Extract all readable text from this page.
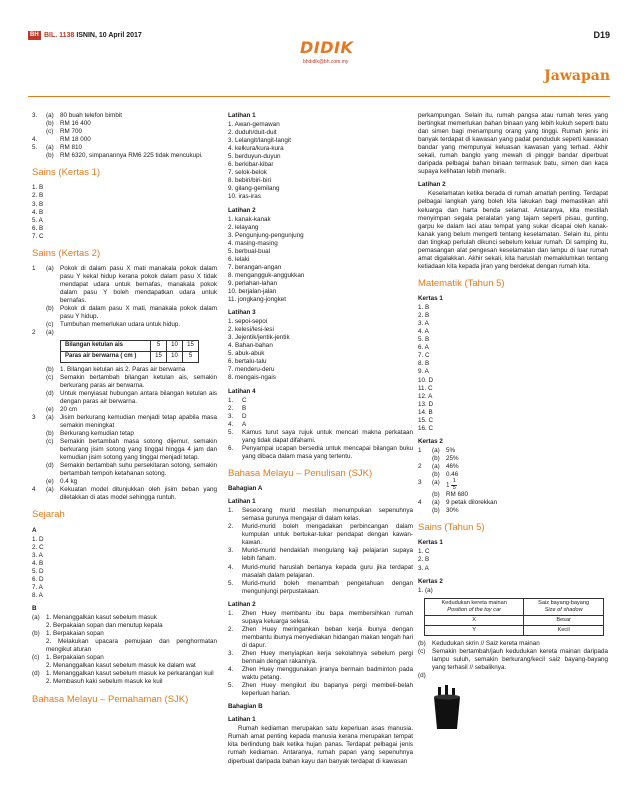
BH BIL. 1138 ISNIN, 10 April 2017	D19
DIDIK
bhdidik@bh.com.my
Jawapan
3.	(a) 80 buah telefon bimbit
(b) RM 16 400
(c)	RM 700
4.	RM 18 000
5.	(a) RM 810
(b) RM 6320, simpanannya RM6 225 tidak mencukupi.
Sains (Kertas 1)
1. B
2. B
3. B
4. B
5. A
6. B
7. C
Sains (Kertas 2)
1	(a) Pokok di dalam pasu X mati manakala pokok dalam pasu Y kekal hidup kerana pokok dalam pasu X tidak mendapat udara untuk bernafas, manakala pokok dalam pasu Y boleh mendapatkan udara untuk bernafas.
(b) Pokok di dalam pasu X mati, manakala pokok dalam pasu Y hidup.
(c)	Tumbuhan memerlukan udara untuk hidup.
2	(a)
Bilangan ketulan ais	5	10	15
Paras air berwarna ( cm )	15	10	5
(b) 1. Bilangan ketulan ais 2. Paras air berwarna
(c)	Semakin bertambah bilangan ketulan ais, semakin berkurang paras air berwarna.
(d) Untuk menyiasat hubungan antara bilangan ketulan ais dengan paras air berwarna.
(e) 20 cm
3	(a) Jisim berkurang kemudian menjadi tetap apabila masa semakin meningkat
(b) Berkurang kemudian tetap
(c)	Semakin bertambah masa sotong dijemur, semakin berkurang jisim sotong yang tinggal hingga 4 jam dan kemudian jisim sotong yang tinggal menjadi tetap.
(d) Semakin bertambah suhu persekitaran sotong, semakin bertambah tempoh ketahanan sotong.
(e) 0.4 kg
4	(a) Kekuatan model ditunjukkan oleh jisim beban yang diletakkan di atas model sehingga runtuh.
Sejarah
A
1. D
2. C
3. A
4. B
5. D
6. D
7. A
8. A
B
(a) 1. Menanggalkan kasut sebelum masuk
2. Berpakaian sopan dan menutup kepala
(b) 1. Berpakaian sopan
2. Melakukan upacara pemujaan dan penghormatan mengikut aturan
(c)	1. Berpakaian sopan
2. Menanggalkan kasut sebelum masuk ke dalam wat
(d) 1. Menanggalkan kasut sebelum masuk ke perkarangan kuil
2. Membasuh kaki sebelum masuk ke kuil
Bahasa Melayu – Pemahaman (SJK)
Latihan 1
1. Awan-gemawan
2. duduh/duit-duit
3. Lelangit/langit-langit
4. kelkura/kura-kura
5. berduyun-duyun
6. berkibar-kibar
7. selok-belok
8. bebiri/biri-biri
9. gilang-gemilang
10. iras-iras
Latihan 2
1. kanak-kanak
2. lelayang
3. Pengunjung-pengunjung
4. masing-masing
5. berbual-bual
6. lelaki
7. berangan-angan
8. mengangguk-anggukkan
9. perlahan-lahan
10. berjalan-jalan
11. jongkang-jongket
Latihan 3
1. sepoi-sepoi
2. kelesi/lesi-lesi
3. Jejentik/jentik-jentik
4. Bahan-bahan
5. abuk-abuk
6. bertalu-talu
7. menderu-deru
8. mengais-ngais
Latihan 4
1.	C
2.	B
3.	D
4.	A
5.	Kamus turut saya rujuk untuk mencari makna perkataan yang tidak dapat difahami.
6.	Penyampai ucapan bersedia untuk mencapai bilangan buku yang dibaca dalam masa yang tertentu.
Bahasa Melayu – Penulisan (SJK)
Bahagian A
Latihan 1
1.	Seseorang murid mestilah menumpukan sepenuhnya semasa gurunya mengajar di dalam kelas.
2.	Murid-murid boleh mengadakan perbincangan dalam kumpulan untuk bertukar-tukar pendapat dengan kawan-kawan.
3.	Murid-murid hendaklah mengulang kaji pelajaran supaya lebih faham.
4.	Murid-murid haruslah bertanya kepada guru jika terdapat masalah dalam pelajaran.
5.	Murid-murid boleh menambah pengetahuan dengan mengunjungi perpustakaan.
Latihan 2
1.	Zhen Huey membantu ibu bapa membersihkan rumah supaya keluarga selesa.
2.	Zhen Huey meringankan beban kerja ibunya dengan membantu ibunya menyediakan hidangan makan tengah hari di dapur.
3.	Zhen Huey menyiapkan kerja sekolahnya sebelum pergi bermain dengan rakannya.
4.	Zhen Huey menggunakan jiranya bermain badminton pada waktu petang.
5.	Zhen Huey mengikut ibu bapanya pergi membeli-belah keperluan harian.
Bahagian B
Latihan 1
Rumah kediaman merupakan satu keperluan asas manusia. Rumah amat penting kepada manusia kerana merupakan tempat kita berlindung baik ketika hujan panas. Terdapat pelbagai jenis rumah kediaman. Antaranya, rumah papan yang sepenuhnya diperbuat daripada bahan kayu dan banyak terdapat di kawasan
perkampungan. Selain itu, rumah pangsa atau rumah teres yang bertingkat memerlukan bahan binaan yang lebih kukuh seperti batu dan simen bagi menampung orang yang tinggi. Rumah jenis ini banyak terdapat di kawasan yang padat penduduk seperti kawasan bandar yang mempunyai keluasan kawasan yang terhad. Akhir sekali, rumah banglo yang mewah di pinggir bandar diperbuat daripada pelbagai bahan binaan termasuk batu, simen dan kaca supaya kelihatan lebih menarik.
Latihan 2
Keselamatan ketika berada di rumah amatlah penting. Terdapat pelbagai langkah yang boleh kita lakukan bagi memastikan ahli keluarga dan harta benda selamat. Antaranya, kita mestilah menyimpan segala peralatan yang tajam seperti pisau, gunting, garpu ke dalam laci atau tempat yang sukar dicapai oleh kanak-kanak yang belum mengerti tentang keselamatan. Selain itu, pintu dan tingkap perlulah dikunci sebelum keluar rumah. Di samping itu, pemasangan alat pengesan keselamatan dan lampu di luar rumah amat digalakkan. Akhir sekali, kita haruslah memaklumkan tentang ketiadaan kita kepada jiran yang berdekat dengan rumah kita.
Matematik (Tahun 5)
Kertas 1
1. B
2. B
3. A
4. A
5. B
6. A
7. C
8. B
9. A
10. D
11. C
12. A
13. D
14. B
15. C
16. C
Kertas 2
1	(a) 5%
(b) 25%
2	(a) 46%
(b) 0.46
3	(a) $1 \frac{1}{5}$
(b) RM 680
4	(a) 9 petak dilorekkan
(b) 30%
Sains (Tahun 5)
Kertas 1
1. C
2. B
3. A
Kertas 2
1. (a)
Kedudukan kereta mainan
Position of the toy car	Saiz bayang-bayang
Size of shadow

X	Besar
Y	Kecil
(b) Kedudukan skrin // Saiz kereta mainan
(c)	Semakin bertambah/jauh kedudukan kereta mainan daripada lampu suluh, semakin berkurang/kecil saiz bayang-bayang yang terhasil // sebaliknya.
(d)
